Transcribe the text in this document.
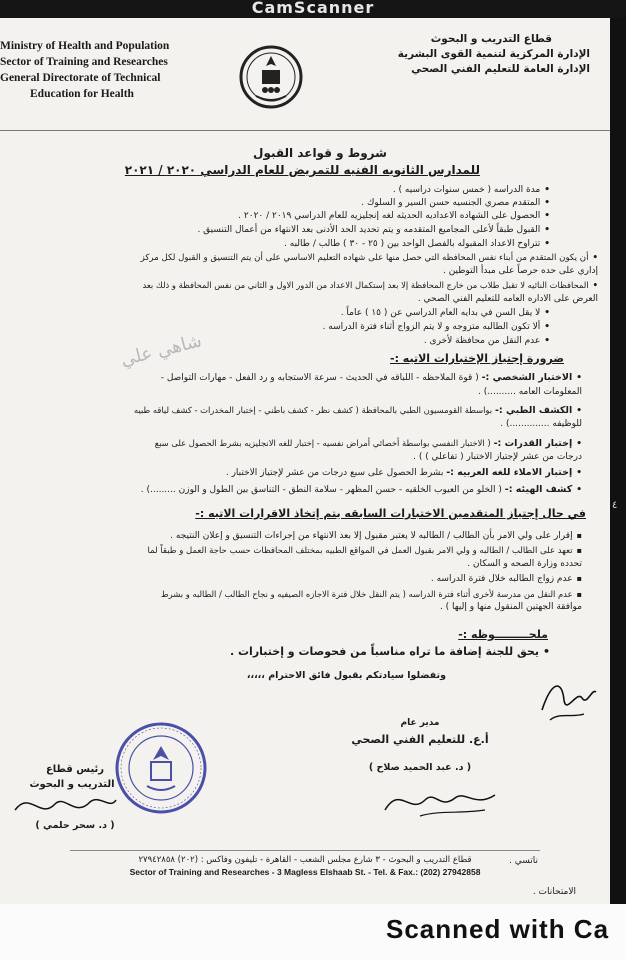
CamScanner
Ministry of Health and Population
Sector of Training and Researches
General Directorate of Technical
Education for Health
قطاع التدريب و البحوث
الإدارة المركزية لتنمية القوى البشرية
الإدارة العامة للتعليم الفني الصحي
شروط و قواعد القبول
للمدارس الثانويه الفنيه للتمريض للعام الدراسي ٢٠٢٠ / ٢٠٢١
• مدة الدراسه ( خمس سنوات دراسيه ) .
• المتقدم مصري الجنسيه حسن السير و السلوك .
• الحصول على الشهاده الاعداديه الحديثه لغه إنجليزيه للعام الدراسي ٢٠١٩ / ٢٠٢٠ .
• القبول طبقاً لأعلى المجاميع المتقدمه و يتم تحديد الحد الأدنى بعد الانتهاء من أعمال التنسيق .
• تتراوح الاعداد المقبوله بالفصل الواحد بين ( ٢٥ - ٣٠ ) طالب / طالبه .
• أن يكون المتقدم من أبناء نفس المحافظه التي حصل منها على شهاده التعليم الاساسي على أن يتم التنسيق و القبول لكل مركز
إداري على حده حرصاً على مبدأ التوطين .
• المحافظات النائيه لا تقبل طلاب من خارج المحافظة إلا بعد إستكمال الاعداد من الدور الاول و الثاني من نفس المحافظة و ذلك بعد
العرض على الاداره العامه للتعليم الفني الصحي .
• لا يقل السن في بدايه العام الدراسي عن ( ١٥ ) عاماً .
• ألا تكون الطالبه متزوجه و لا يتم الزواج أثناء فترة الدراسه .
• عدم النقل من محافظة لأخرى .
شاهي علي	ضرورة إجتياز الإختبارات الاتيه :-
• الاختبار الشخصي :- ( قوة الملاحظه - اللباقه في الحديث - سرعة الاستجابه و رد الفعل - مهارات التواصل -
المعلومات العامه ..........) .
• الكشف الطبي :- بواسطة القومسيون الطبي بالمحافظة ( كشف نظر - كشف باطني - إختبار المخدرات - كشف لياقه طبيه
للوظيفه ..............) .
• إختبار القدرات :- ( الاختبار النفسي بواسطة أخصائي أمراض نفسيه - إختبار للغه الانجليزيه بشرط الحصول على سبع
درجات من عشر لإجتياز الاختبار ( تفاعلي ) ) .
• إختبار الاملاء للغه العربيه :- بشرط الحصول على سبع درجات من عشر لإجتياز الاختبار .
• كشف الهيئه :- ( الخلو من العيوب الخلقيه - حسن المظهر - سلامة النطق - التناسق بين الطول و الوزن .........) .
في حال إجتياز المتقدمين الاختبارات السابقه يتم إتخاذ الاقرارات الاتيه :-
▪ إقرار على ولي الامر بأن الطالب / الطالبه لا يعتبر مقبول إلا بعد الانتهاء من إجراءات التنسيق و إعلان النتيجه .
▪ تعهد على الطالب / الطالبه و ولي الامر بقبول العمل في المواقع الطبيه بمختلف المحافظات حسب حاجة العمل و طبقاً لما
تحدده وزارة الصحه و السكان .
▪ عدم زواج الطالبه خلال فترة الدراسه .
▪ عدم النقل من مدرسة لأخرى أثناء فترة الدراسه ( يتم النقل خلال فترة الاجازه الصيفيه و نجاح الطالب / الطالبه و بشرط
موافقة الجهتين المنقول منها و إليها ) .
ملحـــــــــوظه :-
• يحق للجنة إضافة ما تراه مناسباً من فحوصات و إختبارات .
وتفضلوا سيادتكم بقبول فائق الاحترام ،،،،،
٤
مدير عام
أ.ع. للتعليم الفني الصحي
( د. عبد الحميد صلاح )
رئيس قطاع
التدريب و البحوث
( د. سحر حلمي )
قطاع التدريب و البحوث - ٣ شارع مجلس الشعب - القاهرة - تليفون وفاكس : (٢٠٢) ٢٧٩٤٢٨٥٨	ناتسي .
Sector of Training and Researches - 3 Magless Elshaab St. - Tel. & Fax.: (202) 27942858
الامتحانات .
Scanned with Ca
